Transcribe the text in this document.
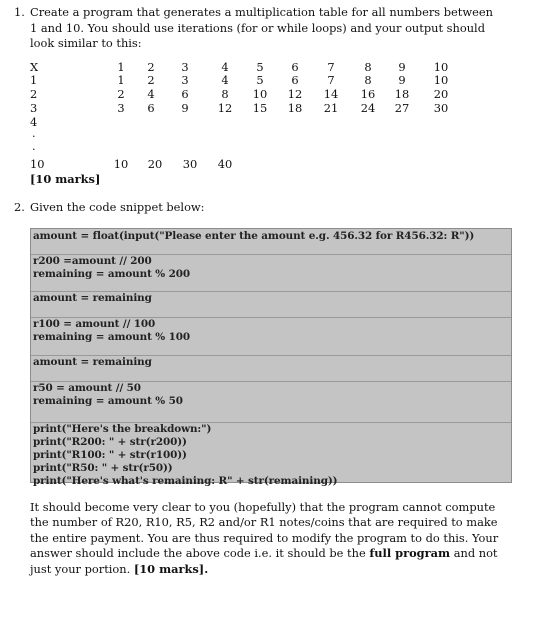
1. Create a program that generates a multiplication table for all numbers between 1 and 10. You should use iterations (for or while loops) and your output should look similar to this:
X	1	2	3	4	5	6	7	8	9	10
1	1	2	3	4	5	6	7	8	9	10
2	2	4	6	8	10	12	14	16	18	20
3	3	6	9	12	15	18	21	24	27	30
4
.
.
10	10	20	30	40
[10 marks]
2. Given the code snippet below:
amount = float(input("Please enter the amount e.g. 456.32 for R456.32: R"))
r200 =amount // 200
remaining = amount % 200
amount = remaining
r100 = amount // 100
remaining = amount % 100
amount = remaining
r50 = amount // 50
remaining = amount % 50
print("Here's the breakdown:")
print("R200: " + str(r200))
print("R100: " + str(r100))
print("R50: " + str(r50))
print("Here's what's remaining: R" + str(remaining))
It should become very clear to you (hopefully) that the program cannot compute the number of R20, R10, R5, R2 and/or R1 notes/coins that are required to make the entire payment. You are thus required to modify the program to do this. Your answer should include the above code i.e. it should be the full program and not just your portion. [10 marks].
